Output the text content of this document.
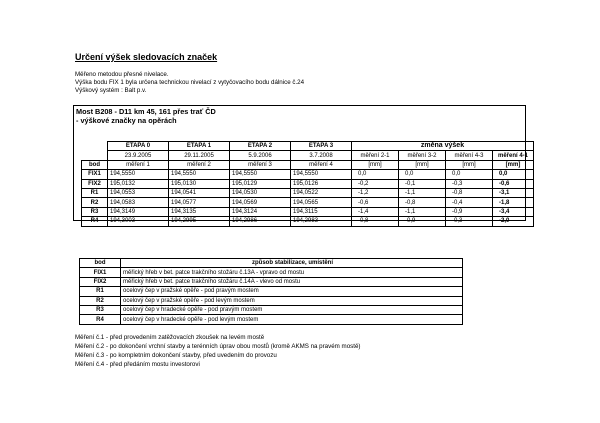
Určení výšek sledovacích značek
Měřeno metodou přesné nivelace.
Výška bodu FIX 1 byla určena technickou nivelací z vytyčovacího bodu dálnice č.24
Výškový systém : Balt p.v.
Most B208 - D11 km 45, 161 přes trať ČD
- výškové značky na opěrách
	ETAPA 0	ETAPA 1	ETAPA 2	ETAPA 3	změna výšek			
	23.9.2005	29.11.2005	5.9.2006	3.7.2008	měření 2-1	měření 3-2	měření 4-3	měření 4-1
bod	měření 1	měření 2	měření 3	měření 4	[mm]	[mm]	[mm]	[mm]
FIX1	194,5550	194,5550	194,5550	194,5550	0,0	0,0	0,0	0,0
FIX2	195,0132	195,0130	195,0129	195,0126	-0,2	-0,1	-0,3	-0,6
R1	194,0553	194,0541	194,0530	194,0522	-1,2	-1,1	-0,8	-3,1
R2	194,0583	194,0577	194,0569	194,0565	-0,6	-0,8	-0,4	-1,8
R3	194,3149	194,3135	194,3124	194,3115	-1,4	-1,1	-0,9	-3,4
R4	194,3003	194,2995	194,2986	194,2983	-0,8	-0,9	-0,3	-2,0
bod	způsob stabilizace, umístění
FIX1	měřický hřeb v bet. patce trakčního stožáru č.13A - vpravo od mostu
FIX2	měřický hřeb v bet. patce trakčního stožáru č.14A - vlevo od mostu
R1	ocelový čep v pražské opěře - pod pravým mostem
R2	ocelový čep v pražské opěře - pod levým mostem
R3	ocelový čep v hradecké opěře - pod pravým mostem
R4	ocelový čep v hradecké opěře - pod levým mostem
Měření č.1 - před provedením zatěžovacích zkoušek na levém mostě
Měření č.2 - po dokončení vrchní stavby a terénních úprav obou mostů (kromě AKMS na pravém mostě)
Měření č.3 - po kompletním dokončení stavby, před uvedením do provozu
Měření č.4 - před předáním mostu investorovi
